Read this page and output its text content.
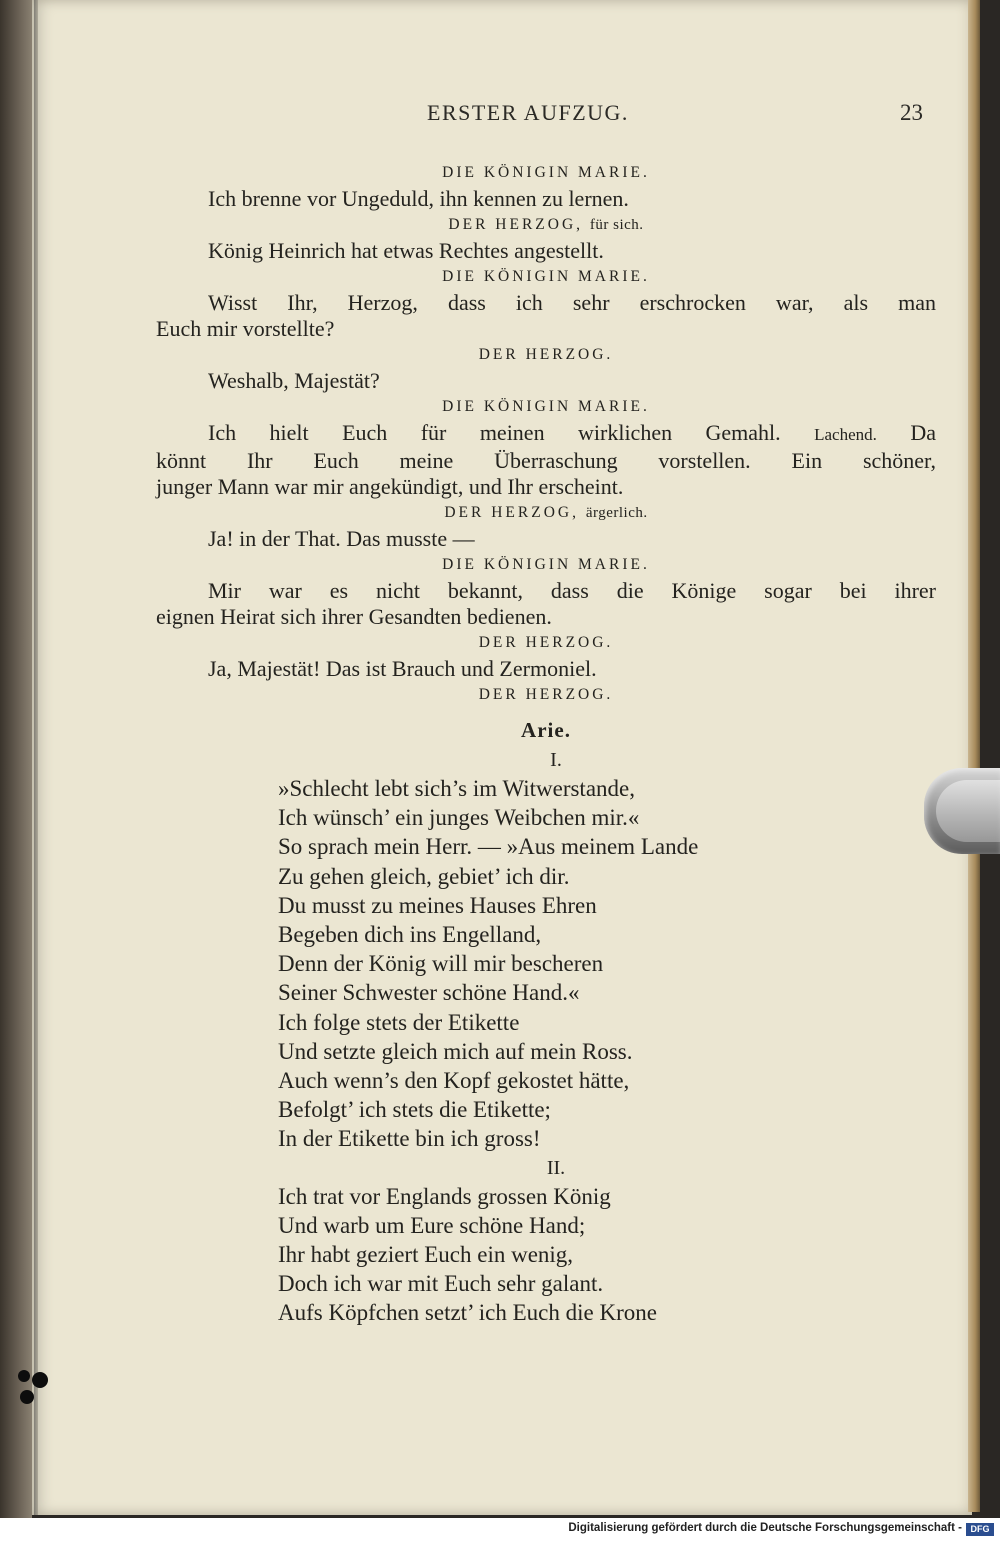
ERSTER AUFZUG.	23
DIE KÖNIGIN MARIE.
Ich brenne vor Ungeduld, ihn kennen zu lernen.
DER HERZOG, für sich.
König Heinrich hat etwas Rechtes angestellt.
DIE KÖNIGIN MARIE.
Wisst Ihr, Herzog, dass ich sehr erschrocken war, als man
Euch mir vorstellte?
DER HERZOG.
Weshalb, Majestät?
DIE KÖNIGIN MARIE.
Ich hielt Euch für meinen wirklichen Gemahl. Lachend. Da
könnt Ihr Euch meine Überraschung vorstellen. Ein schöner,
junger Mann war mir angekündigt, und Ihr erscheint.
DER HERZOG, ärgerlich.
Ja! in der That. Das musste —
DIE KÖNIGIN MARIE.
Mir war es nicht bekannt, dass die Könige sogar bei ihrer
eignen Heirat sich ihrer Gesandten bedienen.
DER HERZOG.
Ja, Majestät! Das ist Brauch und Zermoniel.
DER HERZOG.
Arie.
I.
»Schlecht lebt sich’s im Witwerstande,
Ich wünsch’ ein junges Weibchen mir.«
So sprach mein Herr. — »Aus meinem Lande
Zu gehen gleich, gebiet’ ich dir.
Du musst zu meines Hauses Ehren
Begeben dich ins Engelland,
Denn der König will mir bescheren
Seiner Schwester schöne Hand.«
Ich folge stets der Etikette
Und setzte gleich mich auf mein Ross.
Auch wenn’s den Kopf gekostet hätte,
Befolgt’ ich stets die Etikette;
In der Etikette bin ich gross!
II.
Ich trat vor Englands grossen König
Und warb um Eure schöne Hand;
Ihr habt geziert Euch ein wenig,
Doch ich war mit Euch sehr galant.
Aufs Köpfchen setzt’ ich Euch die Krone
Digitalisierung gefördert durch die Deutsche Forschungsgemeinschaft - DFG
